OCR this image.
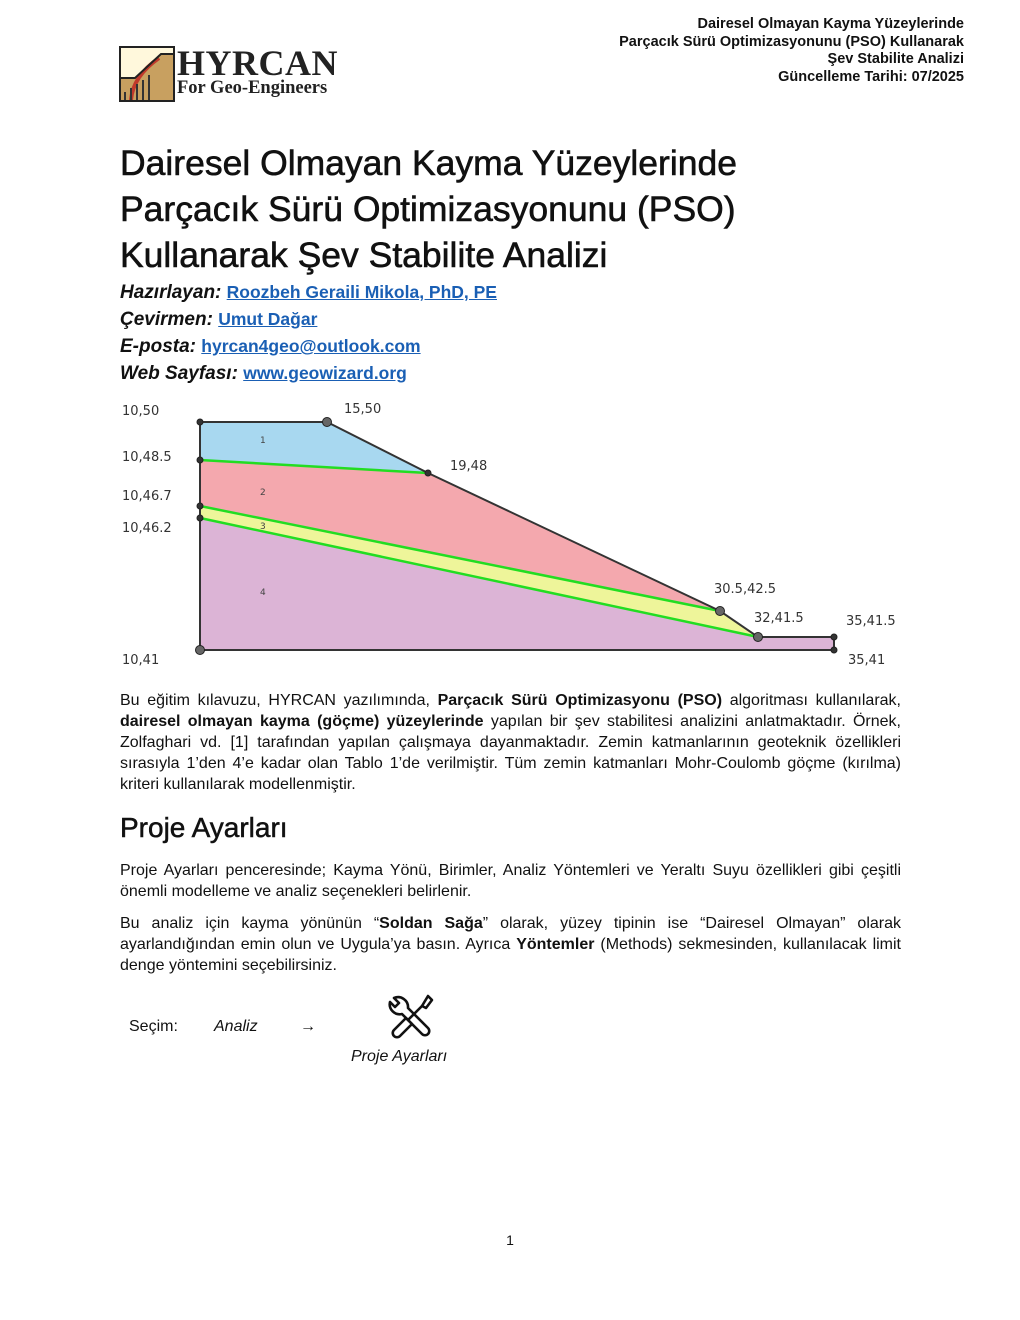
Dairesel Olmayan Kayma Yüzeylerinde
Parçacık Sürü Optimizasyonunu (PSO) Kullanarak
Şev Stabilite Analizi
Güncelleme Tarihi: 07/2025
HYRCAN
For Geo-Engineers
Dairesel Olmayan Kayma Yüzeylerinde
Parçacık Sürü Optimizasyonunu (PSO)
Kullanarak Şev Stabilite Analizi
Hazırlayan: Roozbeh Geraili Mikola, PhD, PE
Çevirmen: Umut Dağar
E-posta: hyrcan4geo@outlook.com
Web Sayfası: www.geowizard.org
10,50	15,50
10,48.5
19,48
10,46.7
10,46.2
30.5,42.5
32,41.5	35,41.5
10,41	35,41
1
2
3
4

Bu eğitim kılavuzu, HYRCAN yazılımında, Parçacık Sürü Optimizasyonu (PSO) algoritması kullanılarak, dairesel olmayan kayma (göçme) yüzeylerinde yapılan bir şev stabilitesi analizini anlatmaktadır. Örnek, Zolfaghari vd. [1] tarafından yapılan çalışmaya dayanmaktadır. Zemin katmanlarının geoteknik özellikleri sırasıyla 1’den 4’e kadar olan Tablo 1’de verilmiştir. Tüm zemin katmanları Mohr-Coulomb göçme (kırılma) kriteri kullanılarak modellenmiştir.

Proje Ayarları

Proje Ayarları penceresinde; Kayma Yönü, Birimler, Analiz Yöntemleri ve Yeraltı Suyu özellikleri gibi çeşitli önemli modelleme ve analiz seçenekleri belirlenir.

Bu analiz için kayma yönünün “Soldan Sağa” olarak, yüzey tipinin ise “Dairesel Olmayan” olarak ayarlandığından emin olun ve Uygula’ya basın. Ayrıca Yöntemler (Methods) sekmesinden, kullanılacak limit denge yöntemini seçebilirsiniz.

Seçim: Analiz	→
Proje Ayarları
1
